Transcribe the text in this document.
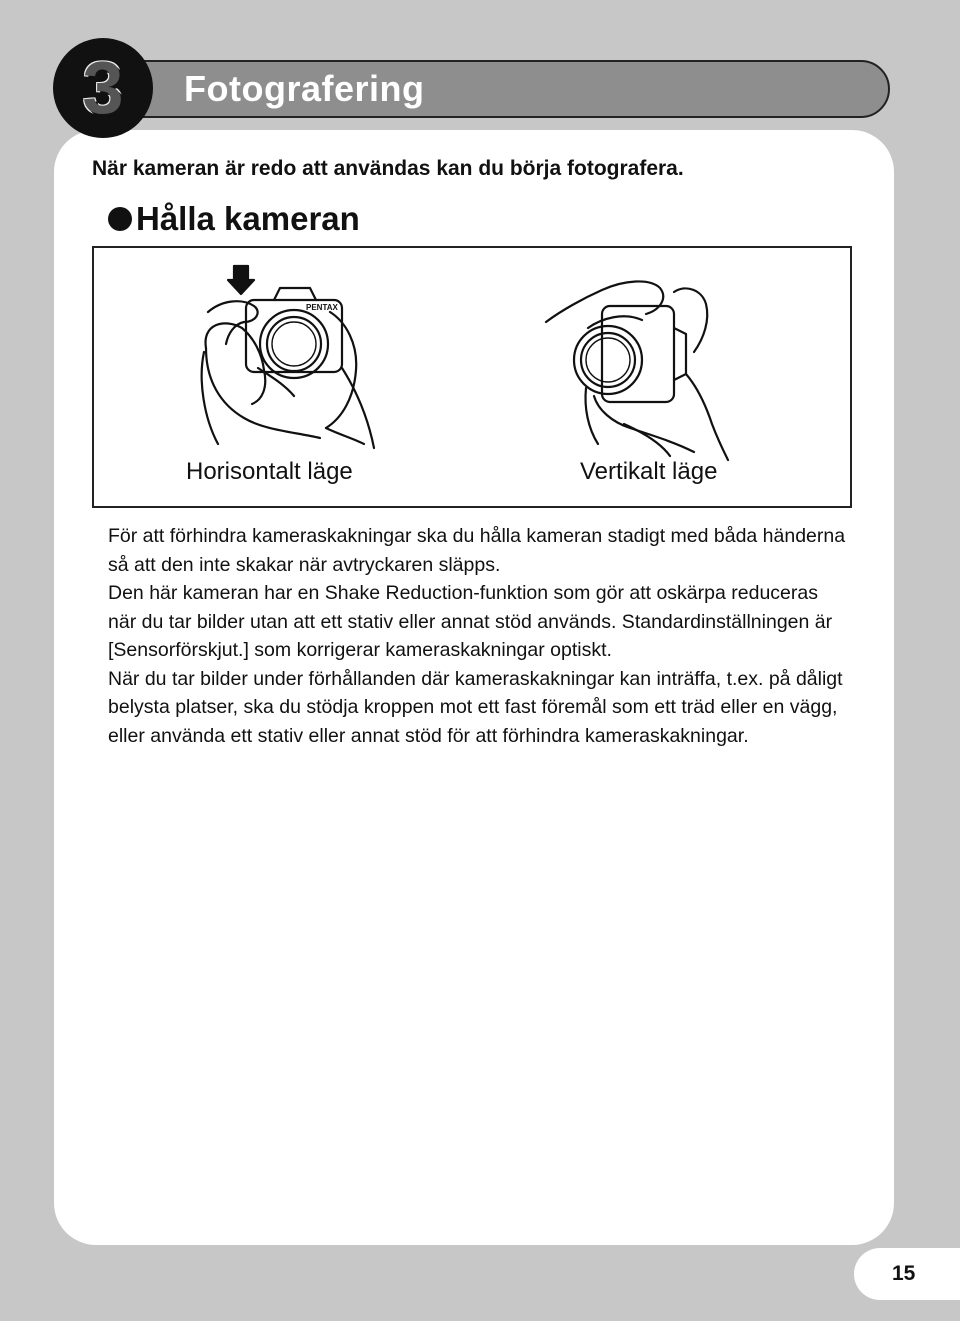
3	Fotografering
När kameran är redo att användas kan du börja fotografera.
Hålla kameran
PENTAX
Horisontalt läge	Vertikalt läge

För att förhindra kameraskakningar ska du hålla kameran stadigt med båda händerna så att den inte skakar när avtryckaren släpps.

Den här kameran har en Shake Reduction-funktion som gör att oskärpa reduceras när du tar bilder utan att ett stativ eller annat stöd används. Standardinställningen är [Sensorförskjut.] som korrigerar kameraskakningar optiskt.

När du tar bilder under förhållanden där kameraskakningar kan inträffa, t.ex. på dåligt belysta platser, ska du stödja kroppen mot ett fast föremål som ett träd eller en vägg, eller använda ett stativ eller annat stöd för att förhindra kameraskakningar.

15
